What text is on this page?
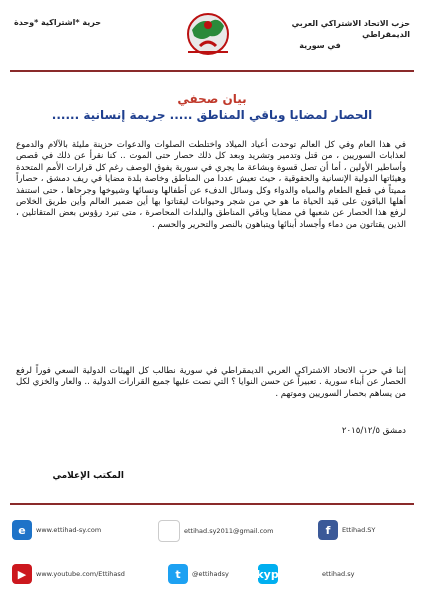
حزب الاتحاد الاشتراكي العربي الديمقراطي
في سورية
حرية *اشتراكية *وحدة
بيان صحفي
الحصار لمضايا وباقي المناطق ..... جريمة إنسانية ......
في هذا العام وفي كل العالم توحدت أعياد الميلاد واختلطت الصلوات والدعوات حزينة مليئة بالآلام والدموع لعذابات السوريين ، من قتل وتدمير وتشريد وبعد كل ذلك حصار حتى الموت .. كنا نقرأ عن ذلك في قصص وأساطير الأولين ، أما أن تصل قسوة وبشاعة ما يجري في سورية يفوق الوصف رغم كل قرارات الأمم المتحدة وهيئاتها الدولية الإنسانية والحقوقية ، حيث تعيش عددا من المناطق وخاصة بلدة مضايا في ريف دمشق ، حصاراً مميتاً في قطع الطعام والمياه والدواء وكل وسائل الدفء عن أطفالها ونسائها وشيوخها وجرحاها ، حتى استنفذ أهلها الباقون على قيد الحياة ما هو حي من شجر وحيوانات ليقتاتوا بها أين ضمير العالم وأين طريق الخلاص لرفع هذا الحصار عن شعبها في مضايا وباقي المناطق والبلدات المحاصرة ، متى تبرد رؤوس بعض المتقاتلين ، الذين يقتاتون من دماء وأجساد أبنائها ويتباهون بالنصر والتحرير والحسم .
إننا في حزب الاتحاد الاشتراكي العربي الديمقراطي في سورية نطالب كل الهيئات الدولية السعي فوراً لرفع الحصار عن أبناء سورية . تعبيراً عن حسن النوايا ؟ التي نصت عليها جميع القرارات الدولية .. والعار والخزي لكل من يساهم بحصار السوريين وموتهم .
دمشق ٢٠١٥/١٢/٥
المكتب الإعلامي
e	www.ettihad-sy.com	M	ettihad.sy2011@gmail.com	f	Ettihad.SY
▶	www.youtube.com/Ettihasd	t	@ettihadsy skype	ettihad.sy
